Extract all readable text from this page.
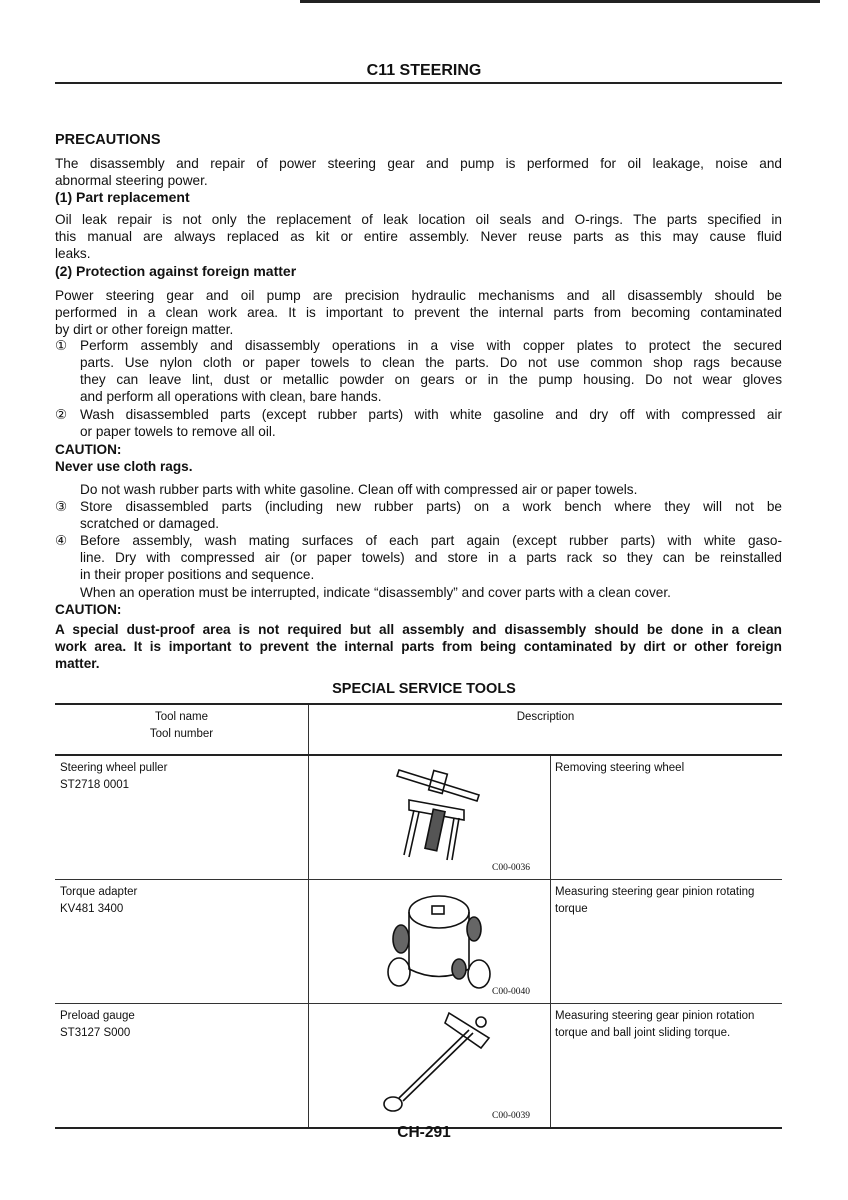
C11 STEERING
PRECAUTIONS
The disassembly and repair of power steering gear and pump is performed for oil leakage, noise and
abnormal steering power.
(1) Part replacement
Oil leak repair is not only the replacement of leak location oil seals and O-rings. The parts specified in
this manual are always replaced as kit or entire assembly. Never reuse parts as this may cause fluid
leaks.
(2) Protection against foreign matter
Power steering gear and oil pump are precision hydraulic mechanisms and all disassembly should be
performed in a clean work area. It is important to prevent the internal parts from becoming contaminated
by dirt or other foreign matter.
① Perform assembly and disassembly operations in a vise with copper plates to protect the secured
parts. Use nylon cloth or paper towels to clean the parts. Do not use common shop rags because
they can leave lint, dust or metallic powder on gears or in the pump housing. Do not wear gloves
and perform all operations with clean, bare hands.
② Wash disassembled parts (except rubber parts) with white gasoline and dry off with compressed air
or paper towels to remove all oil.
CAUTION:
Never use cloth rags.
Do not wash rubber parts with white gasoline. Clean off with compressed air or paper towels.
③ Store disassembled parts (including new rubber parts) on a work bench where they will not be
scratched or damaged.
④ Before assembly, wash mating surfaces of each part again (except rubber parts) with white gaso-
line. Dry with compressed air (or paper towels) and store in a parts rack so they can be reinstalled
in their proper positions and sequence.
When an operation must be interrupted, indicate “disassembly” and cover parts with a clean cover.
CAUTION:
A special dust-proof area is not required but all assembly and disassembly should be done in a clean
work area. It is important to prevent the internal parts from being contaminated by dirt or other foreign
matter.
SPECIAL SERVICE TOOLS
Tool name
Tool number	Description	

Steering wheel puller
ST2718 0001	C00-0036	Removing steering wheel

Torque adapter
KV481 3400	C00-0040	Measuring steering gear pinion rotating torque

Preload gauge
ST3127 S000	C00-0039	Measuring steering gear pinion rotation torque and ball joint sliding torque.
CH-291
